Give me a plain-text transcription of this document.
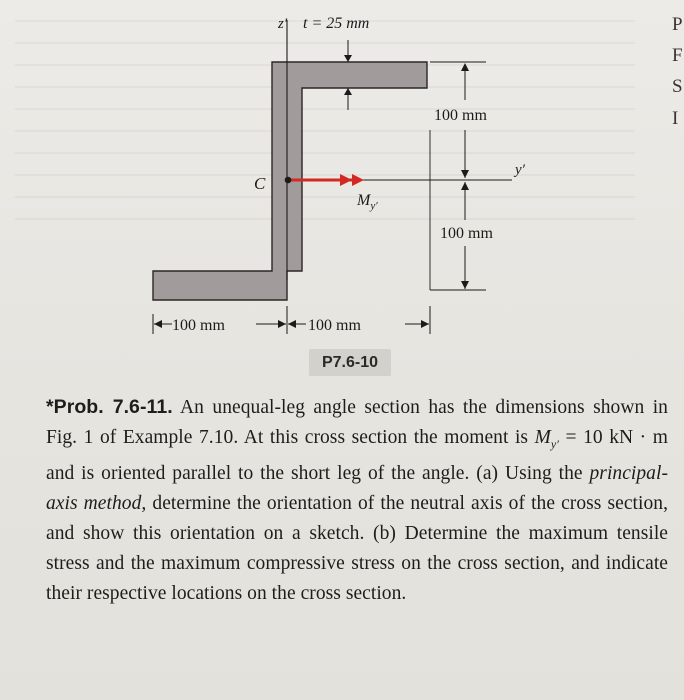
z′ t = 25 mm
C
$M_{y'}$
y′
100 mm
100 mm
100 mm	100 mm
P7.6-10
P
F
S
I
*Prob. 7.6-11. An unequal-leg angle section has the dimensions shown in Fig. 1 of Example 7.10. At this cross section the moment is $M_{y'} = 10$ kN · m and is oriented parallel to the short leg of the angle. (a) Using the principal-axis method, determine the orientation of the neutral axis of the cross section, and show this orientation on a sketch. (b) Determine the maximum tensile stress and the maximum compressive stress on the cross section, and indicate their respective locations on the cross section.
